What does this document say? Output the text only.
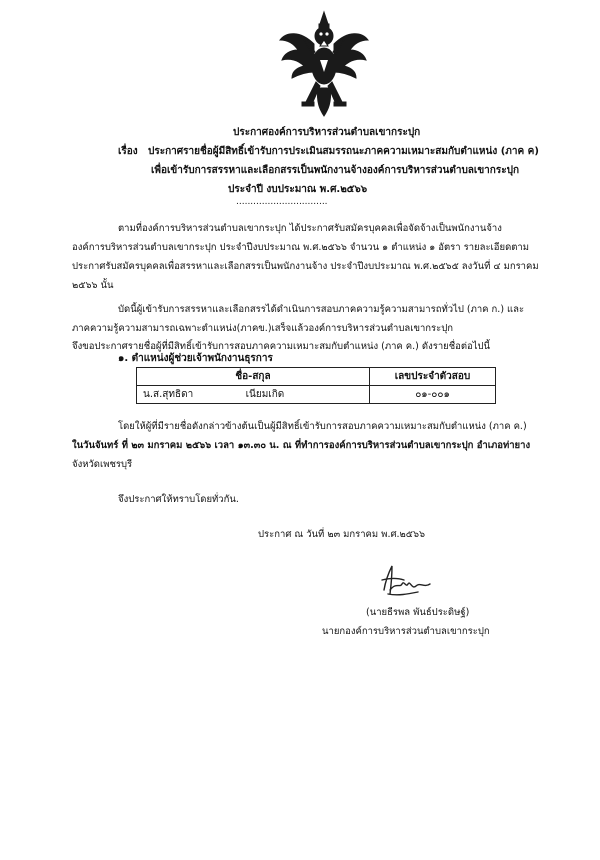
ประกาศองค์การบริหารส่วนตำบลเขากระปุก
เรื่อง ประกาศรายชื่อผู้มีสิทธิ์เข้ารับการประเมินสมรรถนะภาคความเหมาะสมกับตำแหน่ง (ภาค ค)
เพื่อเข้ารับการสรรหาและเลือกสรรเป็นพนักงานจ้างองค์การบริหารส่วนตำบลเขากระปุก
ประจำปี งบประมาณ พ.ศ.๒๕๖๖
................................
ตามที่องค์การบริหารส่วนตำบลเขากระปุก ได้ประกาศรับสมัครบุคคลเพื่อจัดจ้างเป็นพนักงานจ้าง
องค์การบริหารส่วนตำบลเขากระปุก ประจำปีงบประมาณ พ.ศ.๒๕๖๖ จำนวน ๑ ตำแหน่ง ๑ อัตรา รายละเอียดตาม
ประกาศรับสมัครบุคคลเพื่อสรรหาและเลือกสรรเป็นพนักงานจ้าง ประจำปีงบประมาณ พ.ศ.๒๕๖๕ ลงวันที่ ๔ มกราคม
๒๕๖๖ นั้น
บัดนี้ผู้เข้ารับการสรรหาและเลือกสรรได้ดำเนินการสอบภาคความรู้ความสามารถทั่วไป (ภาค ก.) และ
ภาคความรู้ความสามารถเฉพาะตำแหน่ง(ภาคข.)เสร็จแล้วองค์การบริหารส่วนตำบลเขากระปุก
จึงขอประกาศรายชื่อผู้ที่มีสิทธิ์เข้ารับการสอบภาคความเหมาะสมกับตำแหน่ง (ภาค ค.) ดังรายชื่อต่อไปนี้
๑. ตำแหน่งผู้ช่วยเจ้าพนักงานธุรการ
ชื่อ-สกุล	เลขประจำตัวสอบ
น.ส.สุทธิดา เนียมเกิด	๐๑-๐๐๑
โดยให้ผู้ที่มีรายชื่อดังกล่าวข้างต้นเป็นผู้มีสิทธิ์เข้ารับการสอบภาคความเหมาะสมกับตำแหน่ง (ภาค ค.)
ในวันจันทร์ ที่ ๒๓ มกราคม ๒๕๖๖ เวลา ๑๓.๓๐ น. ณ ที่ทำการองค์การบริหารส่วนตำบลเขากระปุก อำเภอท่ายาง
จังหวัดเพชรบุรี
จึงประกาศให้ทราบโดยทั่วกัน.
ประกาศ ณ วันที่ ๒๓ มกราคม พ.ศ.๒๕๖๖
(นายธีรพล พันธ์ประดิษฐ์)
นายกองค์การบริหารส่วนตำบลเขากระปุก
